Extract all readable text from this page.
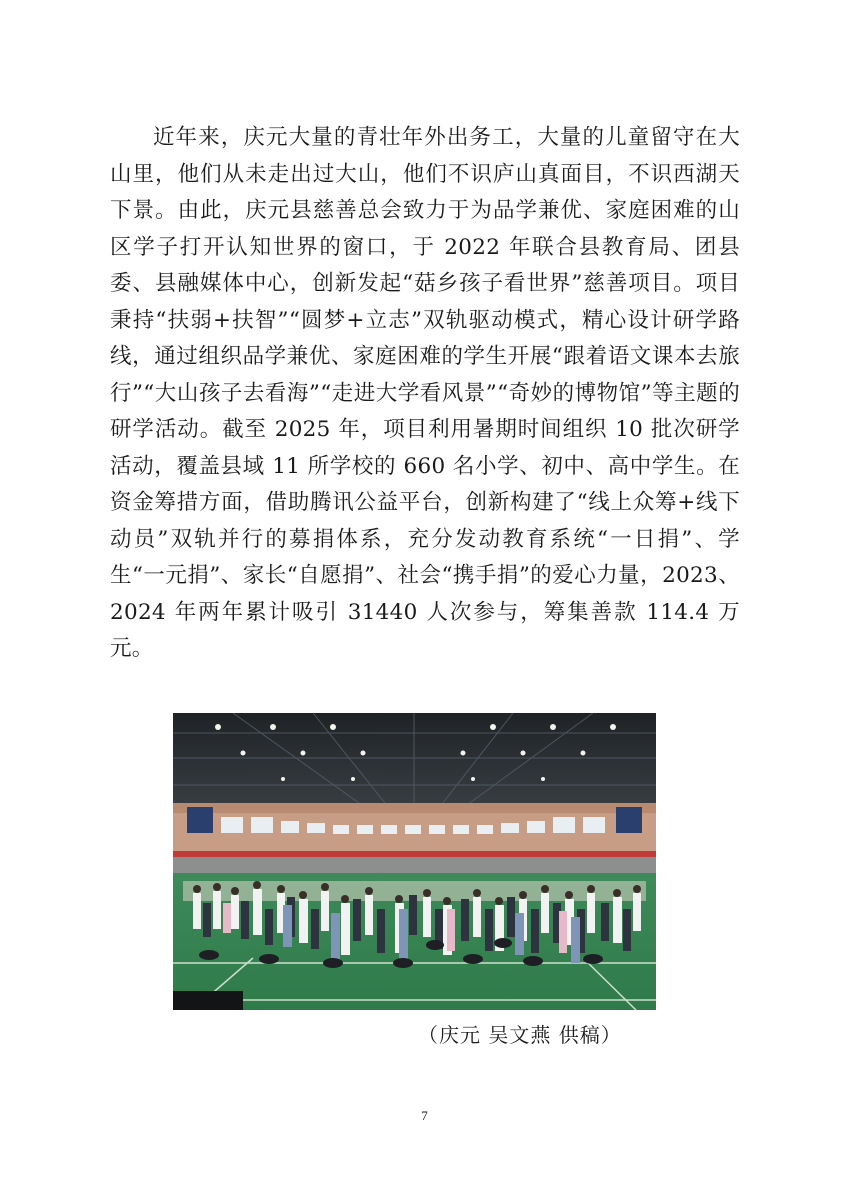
近年来，庆元大量的青壮年外出务工，大量的儿童留守在大山里，他们从未走出过大山，他们不识庐山真面目，不识西湖天下景。由此，庆元县慈善总会致力于为品学兼优、家庭困难的山区学子打开认知世界的窗口，于 2022 年联合县教育局、团县委、县融媒体中心，创新发起“菇乡孩子看世界”慈善项目。项目秉持“扶弱+扶智”“圆梦+立志”双轨驱动模式，精心设计研学路线，通过组织品学兼优、家庭困难的学生开展“跟着语文课本去旅行”“大山孩子去看海”“走进大学看风景”“奇妙的博物馆”等主题的研学活动。截至 2025 年，项目利用暑期时间组织 10 批次研学活动，覆盖县域 11 所学校的 660 名小学、初中、高中学生。在资金筹措方面，借助腾讯公益平台，创新构建了“线上众筹+线下动员”双轨并行的募捐体系，充分发动教育系统“一日捐”、学生“一元捐”、家长“自愿捐”、社会“携手捐”的爱心力量，2023、2024 年两年累计吸引 31440 人次参与，筹集善款 114.4 万元。

（庆元 吴文燕 供稿）
7
